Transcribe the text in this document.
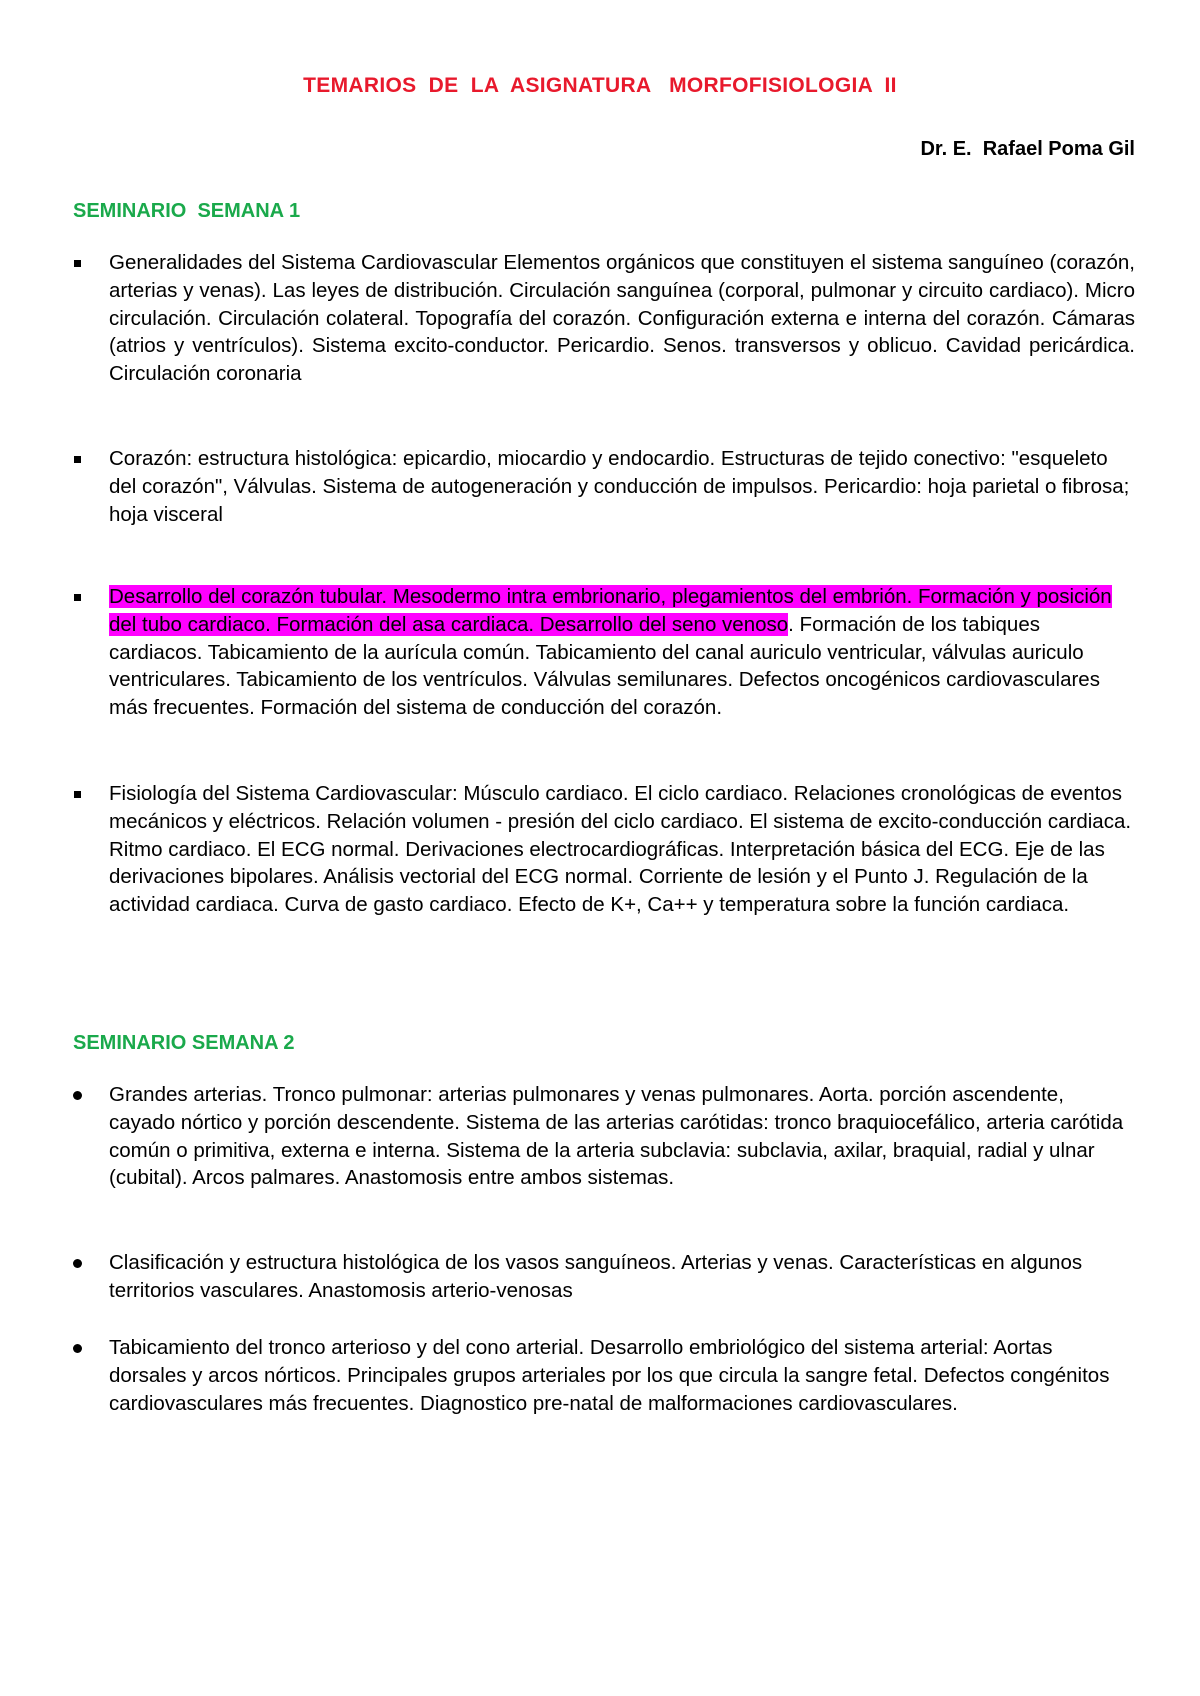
TEMARIOS  DE  LA  ASIGNATURA   MORFOFISIOLOGIA  II
Dr. E.  Rafael Poma Gil
SEMINARIO  SEMANA 1
Generalidades del Sistema Cardiovascular Elementos orgánicos que constituyen el sistema sanguíneo (corazón, arterias y venas). Las leyes de distribución. Circulación sanguínea (corporal, pulmonar y circuito cardiaco). Micro circulación. Circulación colateral. Topografía del corazón. Configuración externa e interna del corazón. Cámaras (atrios y ventrículos). Sistema excito-conductor. Pericardio. Senos. transversos y oblicuo. Cavidad pericárdica. Circulación coronaria
Corazón: estructura histológica: epicardio, miocardio y endocardio. Estructuras de tejido conectivo: "esqueleto del corazón", Válvulas. Sistema de autogeneración y conducción de impulsos. Pericardio: hoja parietal o fibrosa; hoja visceral
Desarrollo del corazón tubular. Mesodermo intra embrionario, plegamientos del embrión. Formación y posición del tubo cardiaco. Formación del asa cardiaca. Desarrollo del seno venoso. Formación de los tabiques cardiacos. Tabicamiento de la aurícula común. Tabicamiento del canal auriculo ventricular, válvulas auriculo ventriculares. Tabicamiento de los ventrículos. Válvulas semilunares. Defectos oncogénicos cardiovasculares más frecuentes. Formación del sistema de conducción del corazón.
Fisiología del Sistema Cardiovascular: Músculo cardiaco. El ciclo cardiaco. Relaciones cronológicas de eventos mecánicos y eléctricos. Relación volumen - presión del ciclo cardiaco. El sistema de excito-conducción cardiaca. Ritmo cardiaco. El ECG normal. Derivaciones electrocardiográficas. Interpretación básica del ECG. Eje de las derivaciones bipolares. Análisis vectorial del ECG normal. Corriente de lesión y el Punto J. Regulación de la actividad cardiaca. Curva de gasto cardiaco. Efecto de K+, Ca++ y temperatura sobre la función cardiaca.
SEMINARIO SEMANA 2
Grandes arterias. Tronco pulmonar: arterias pulmonares y venas pulmonares. Aorta. porción ascendente, cayado nórtico y porción descendente. Sistema de las arterias carótidas: tronco braquiocefálico, arteria carótida común o primitiva, externa e interna. Sistema de la arteria subclavia: subclavia, axilar, braquial, radial y ulnar (cubital). Arcos palmares. Anastomosis entre ambos sistemas.
Clasificación y estructura histológica de los vasos sanguíneos. Arterias y venas. Características en algunos territorios vasculares. Anastomosis arterio-venosas
Tabicamiento del tronco arterioso y del cono arterial. Desarrollo embriológico del sistema arterial: Aortas dorsales y arcos nórticos. Principales grupos arteriales por los que circula la sangre fetal. Defectos congénitos cardiovasculares más frecuentes. Diagnostico pre-natal de malformaciones cardiovasculares.
